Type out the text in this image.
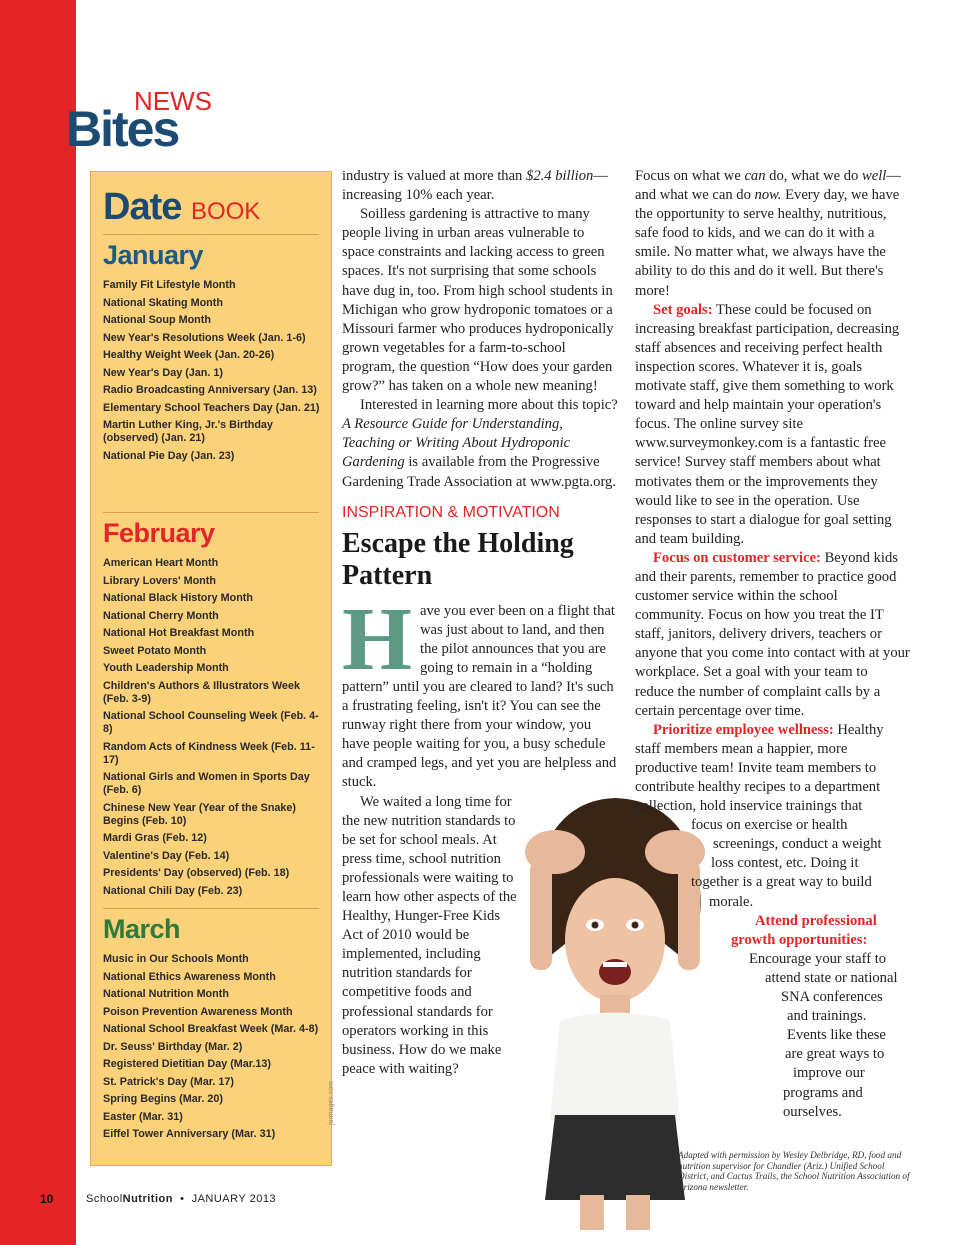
NEWS
Bites
Date BOOK
January
Family Fit Lifestyle Month
National Skating Month
National Soup Month
New Year's Resolutions Week (Jan. 1-6)
Healthy Weight Week (Jan. 20-26)
New Year's Day (Jan. 1)
Radio Broadcasting Anniversary (Jan. 13)
Elementary School Teachers Day (Jan. 21)
Martin Luther King, Jr.'s Birthday (observed) (Jan. 21)
National Pie Day (Jan. 23)
February
American Heart Month
Library Lovers' Month
National Black History Month
National Cherry Month
National Hot Breakfast Month
Sweet Potato Month
Youth Leadership Month
Children's Authors & Illustrators Week (Feb. 3-9)
National School Counseling Week (Feb. 4-8)
Random Acts of Kindness Week (Feb. 11-17)
National Girls and Women in Sports Day (Feb. 6)
Chinese New Year (Year of the Snake) Begins (Feb. 10)
Mardi Gras (Feb. 12)
Valentine's Day (Feb. 14)
Presidents' Day (observed) (Feb. 18)
National Chili Day (Feb. 23)
March
Music in Our Schools Month
National Ethics Awareness Month
National Nutrition Month
Poison Prevention Awareness Month
National School Breakfast Week (Mar. 4-8)
Dr. Seuss' Birthday (Mar. 2)
Registered Dietitian Day (Mar.13)
St. Patrick's Day (Mar. 17)
Spring Begins (Mar. 20)
Easter (Mar. 31)
Eiffel Tower Anniversary (Mar. 31)

industry is valued at more than $2.4 billion—increasing 10% each year.

Soilless gardening is attractive to many people living in urban areas vulnerable to space constraints and lacking access to green spaces. It's not surprising that some schools have dug in, too. From high school students in Michigan who grow hydroponic tomatoes or a Missouri farmer who produces hydroponically grown vegetables for a farm-to-school program, the question “How does your garden grow?” has taken on a whole new meaning!

Interested in learning more about this topic? A Resource Guide for Understanding, Teaching or Writing About Hydroponic Gardening is available from the Progressive Gardening Trade Association at www.pgta.org.

INSPIRATION & MOTIVATION
Escape the Holding Pattern

Have you ever been on a flight that was just about to land, and then the pilot announces that you are going to remain in a “holding pattern” until you are cleared to land? It's such a frustrating feeling, isn't it? You can see the runway right there from your window, you have people waiting for you, a busy schedule and cramped legs, and yet you are helpless and stuck.

We waited a long time for the new nutrition standards to be set for school meals. At press time, school nutrition professionals were waiting to learn how other aspects of the Healthy, Hunger-Free Kids Act of 2010 would be implemented, including nutrition standards for competitive foods and professional standards for operators working in this business. How do we make peace with waiting?

jurmages.com

Focus on what we can do, what we do well—and what we can do now. Every day, we have the opportunity to serve healthy, nutritious, safe food to kids, and we can do it with a smile. No matter what, we always have the ability to do this and do it well. But there's more!

Set goals: These could be focused on increasing breakfast participation, decreasing staff absences and receiving perfect health inspection scores. Whatever it is, goals motivate staff, give them something to work toward and help maintain your operation's focus. The online survey site www.surveymonkey.com is a fantastic free service! Survey staff members about what motivates them or the improvements they would like to see in the operation. Use responses to start a dialogue for goal setting and team building.

Focus on customer service: Beyond kids and their parents, remember to practice good customer service within the school community. Focus on how you treat the IT staff, janitors, delivery drivers, teachers or anyone that you come into contact with at your workplace. Set a goal with your team to reduce the number of complaint calls by a certain percentage over time.

Prioritize employee wellness: Healthy staff members mean a happier, more productive team! Invite team members to contribute healthy recipes to a department collection, hold inservice trainings that

focus on exercise or health
screenings, conduct a weight
loss contest, etc. Doing it
together is a great way to build
morale.
Attend professional
growth opportunities:
Encourage your staff to
attend state or national
SNA conferences
and trainings.
Events like these
are great ways to
improve our
programs and
ourselves.
Adapted with permission by Wesley Delbridge, RD, food and nutrition supervisor for Chandler (Ariz.) Unified School District, and Cactus Trails, the School Nutrition Association of Arizona newsletter.
10	SchoolNutrition • JANUARY 2013
